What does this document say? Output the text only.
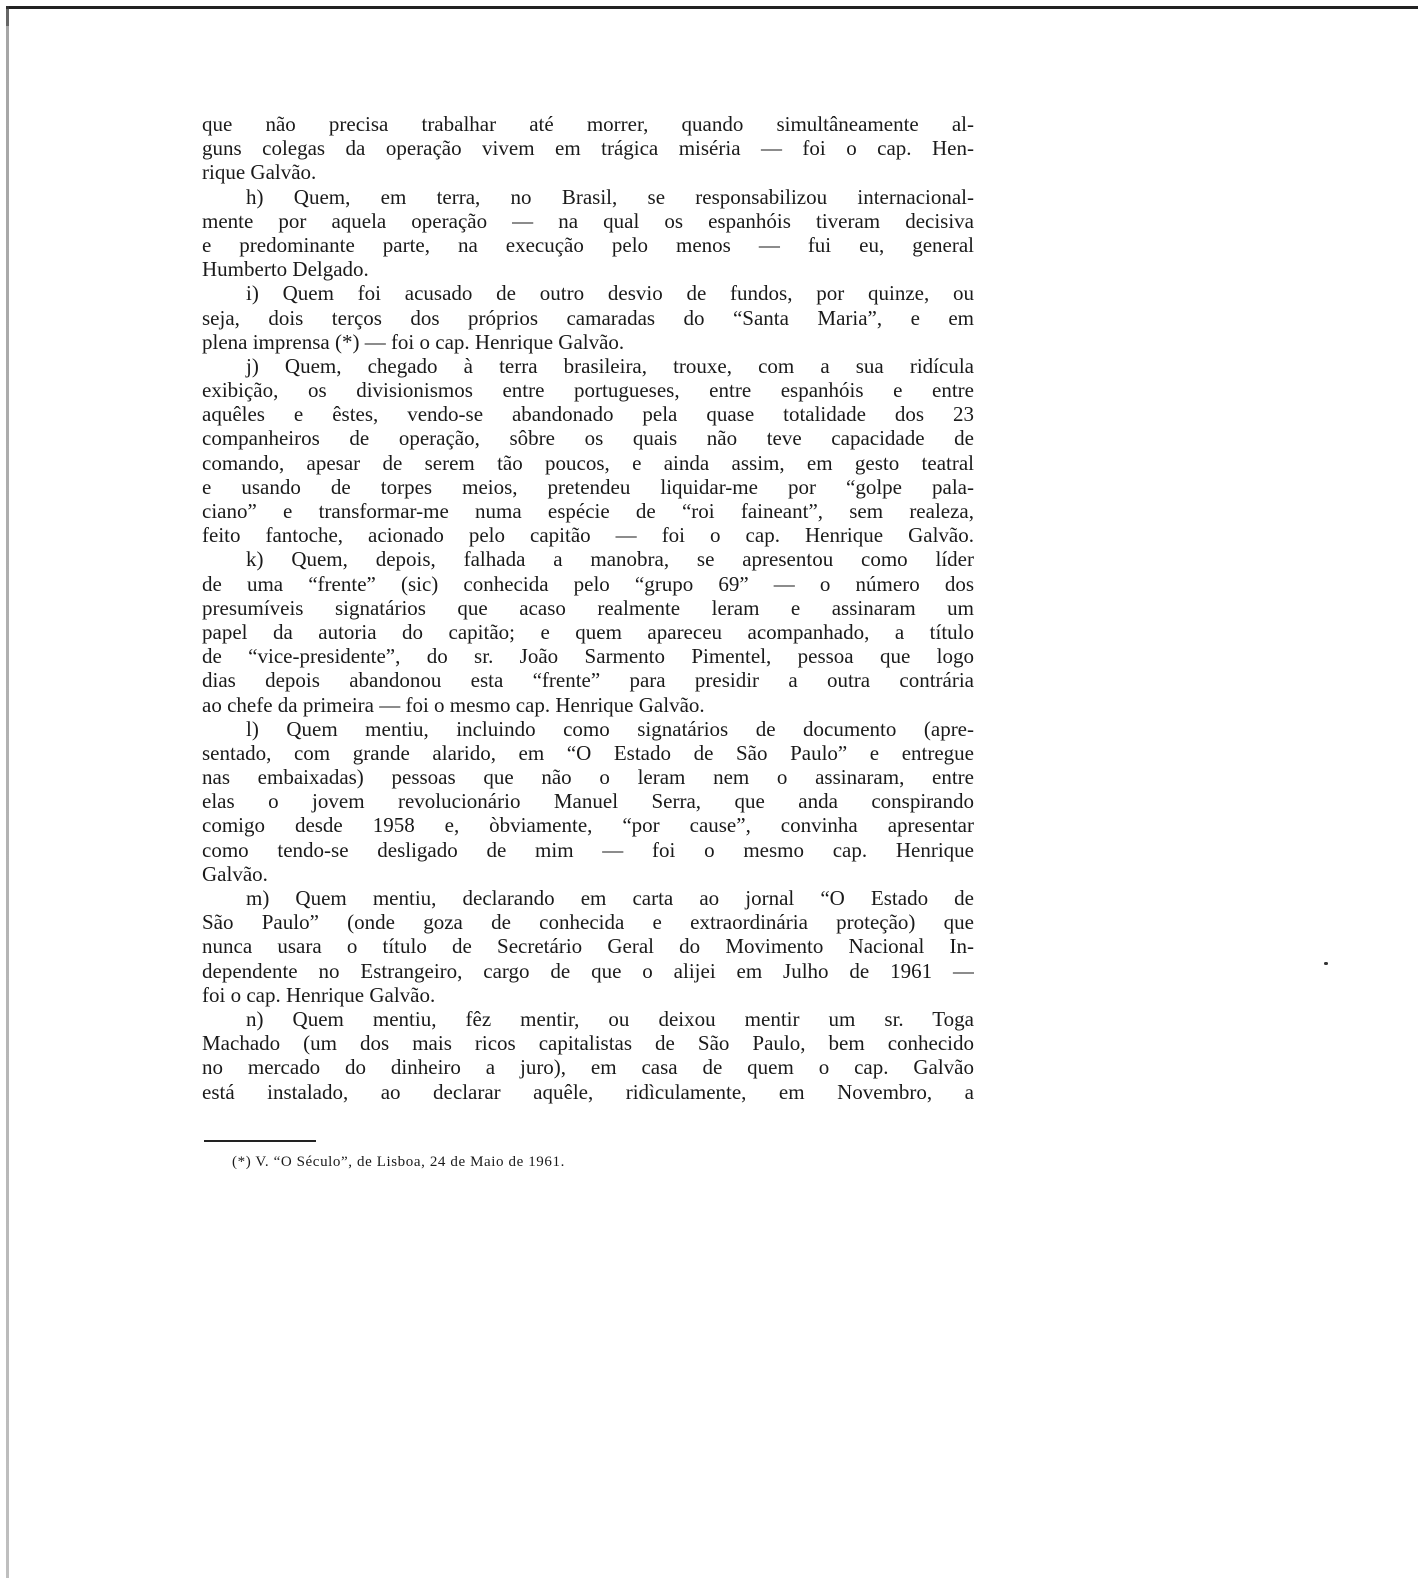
que não precisa trabalhar até morrer, quando simultâneamente al-
guns colegas da operação vivem em trágica miséria — foi o cap. Hen-
rique Galvão.
h) Quem, em terra, no Brasil, se responsabilizou internacional-
mente por aquela operação — na qual os espanhóis tiveram decisiva
e predominante parte, na execução pelo menos — fui eu, general
Humberto Delgado.
i) Quem foi acusado de outro desvio de fundos, por quinze, ou
seja, dois terços dos próprios camaradas do “Santa Maria”, e em
plena imprensa (*) — foi o cap. Henrique Galvão.
j) Quem, chegado à terra brasileira, trouxe, com a sua ridícula
exibição, os divisionismos entre portugueses, entre espanhóis e entre
aquêles e êstes, vendo-se abandonado pela quase totalidade dos 23
companheiros de operação, sôbre os quais não teve capacidade de
comando, apesar de serem tão poucos, e ainda assim, em gesto teatral
e usando de torpes meios, pretendeu liquidar-me por “golpe pala-
ciano” e transformar-me numa espécie de “roi faineant”, sem realeza,
feito fantoche, acionado pelo capitão — foi o cap. Henrique Galvão.
k) Quem, depois, falhada a manobra, se apresentou como líder
de uma “frente” (sic) conhecida pelo “grupo 69” — o número dos
presumíveis signatários que acaso realmente leram e assinaram um
papel da autoria do capitão; e quem apareceu acompanhado, a título
de “vice-presidente”, do sr. João Sarmento Pimentel, pessoa que logo
dias depois abandonou esta “frente” para presidir a outra contrária
ao chefe da primeira — foi o mesmo cap. Henrique Galvão.
l) Quem mentiu, incluindo como signatários de documento (apre-
sentado, com grande alarido, em “O Estado de São Paulo” e entregue
nas embaixadas) pessoas que não o leram nem o assinaram, entre
elas o jovem revolucionário Manuel Serra, que anda conspirando
comigo desde 1958 e, òbviamente, “por cause”, convinha apresentar
como tendo-se desligado de mim — foi o mesmo cap. Henrique
Galvão.
m) Quem mentiu, declarando em carta ao jornal “O Estado de
São Paulo” (onde goza de conhecida e extraordinária proteção) que
nunca usara o título de Secretário Geral do Movimento Nacional In-
dependente no Estrangeiro, cargo de que o alijei em Julho de 1961 —
foi o cap. Henrique Galvão.
n) Quem mentiu, fêz mentir, ou deixou mentir um sr. Toga
Machado (um dos mais ricos capitalistas de São Paulo, bem conhecido
no mercado do dinheiro a juro), em casa de quem o cap. Galvão
está instalado, ao declarar aquêle, ridìculamente, em Novembro, a
(*) V. “O Século”, de Lisboa, 24 de Maio de 1961.
